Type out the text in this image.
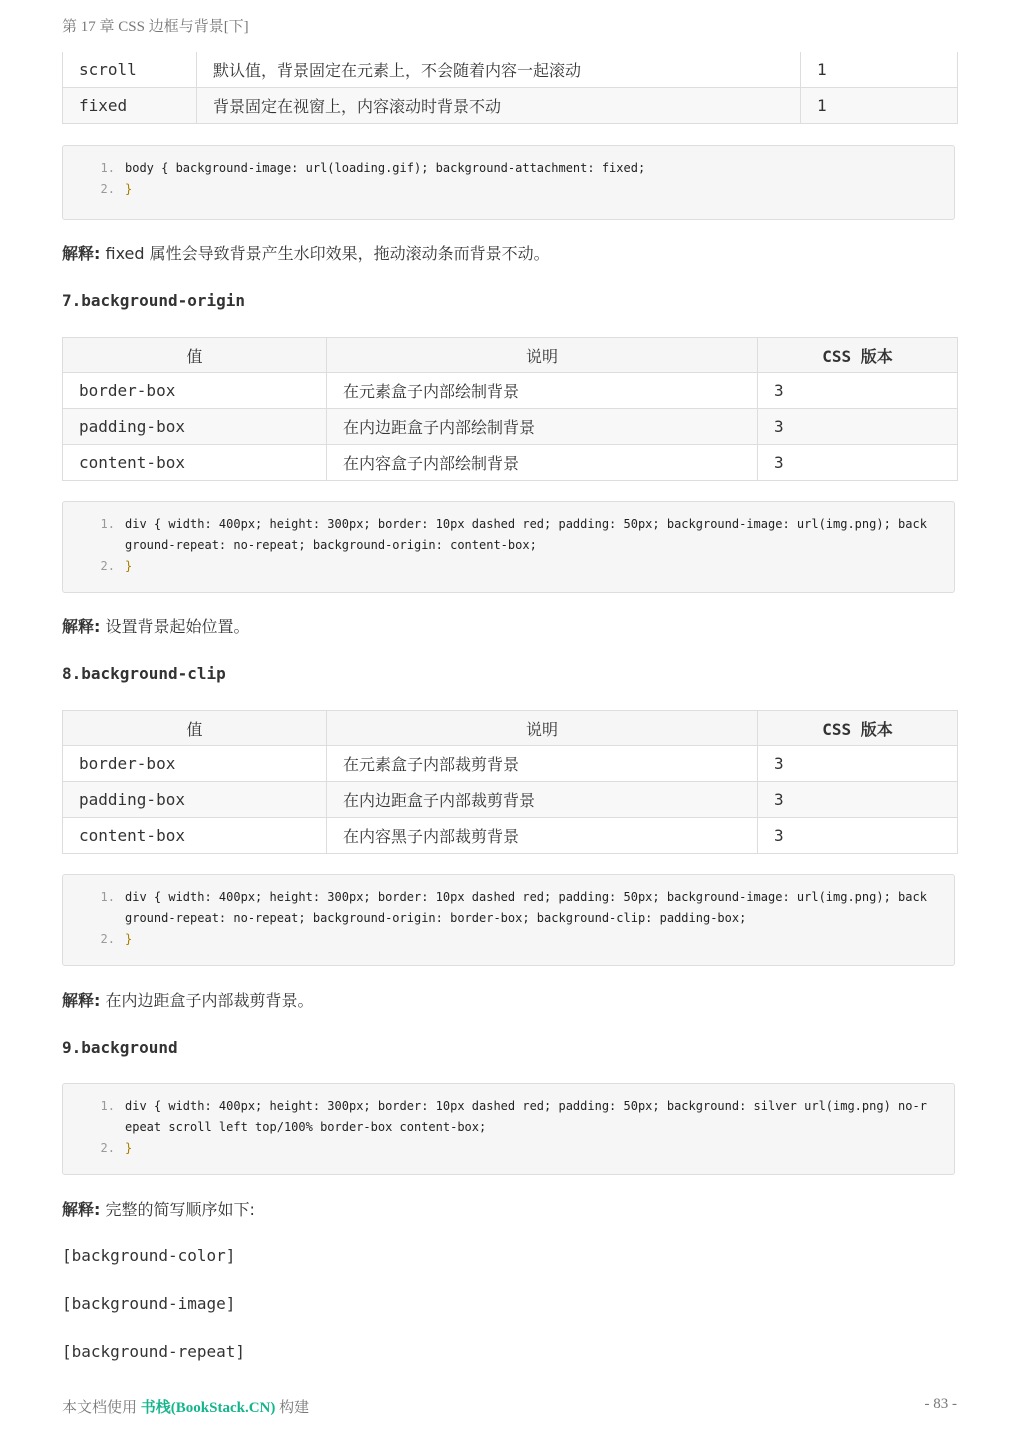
第 17 章 CSS 边框与背景[下]
scroll	默认值，背景固定在元素上，不会随着内容一起滚动	1
fixed	背景固定在视窗上，内容滚动时背景不动	1
1. body { background-image: url(loading.gif); background-attachment: fixed;
2. }
解释: fixed 属性会导致背景产生水印效果，拖动滚动条而背景不动。
7.background-origin
值	说明	CSS 版本
border-box	在元素盒子内部绘制背景	3
padding-box	在内边距盒子内部绘制背景	3
content-box	在内容盒子内部绘制背景	3
1. div { width: 400px; height: 300px; border: 10px dashed red; padding: 50px; background-image: url(img.png); background-repeat: no-repeat; background-origin: content-box;
2. }
解释: 设置背景起始位置。
8.background-clip
值	说明	CSS 版本
border-box	在元素盒子内部裁剪背景	3
padding-box	在内边距盒子内部裁剪背景	3
content-box	在内容黑子内部裁剪背景	3
1. div { width: 400px; height: 300px; border: 10px dashed red; padding: 50px; background-image: url(img.png); background-repeat: no-repeat; background-origin: border-box; background-clip: padding-box;
2. }
解释: 在内边距盒子内部裁剪背景。
9.background
1. div { width: 400px; height: 300px; border: 10px dashed red; padding: 50px; background: silver url(img.png) no-repeat scroll left top/100% border-box content-box;
2. }
解释: 完整的简写顺序如下:
[background-color]
[background-image]
[background-repeat]
本文档使用 书栈(BookStack.CN) 构建	- 83 -
